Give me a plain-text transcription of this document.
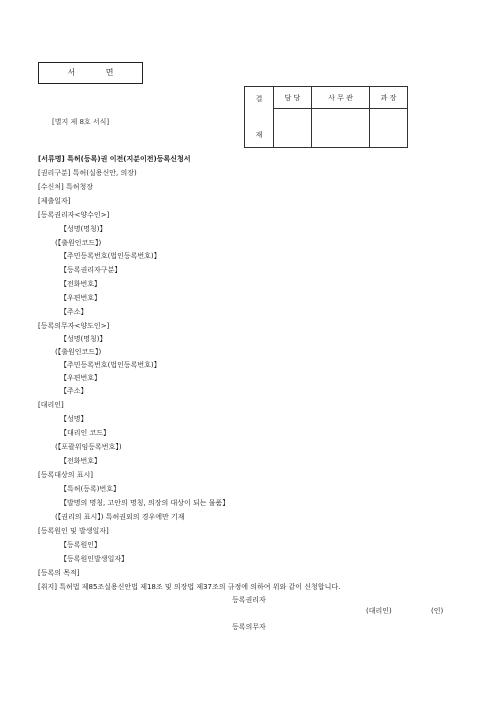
서 면
[별지 제 8호 서식]
결

재	담 당	사 무 관	과 장

[서류명] 특허(등록)권 이전(지분이전)등록신청서
[권리구분] 특허(실용신안, 의장)
[수신처] 특허청장
[제출일자]
[등록권리자<양수인>]
【성명(명칭)】
(【출원인코드】)
【주민등록번호(법인등록번호)】
【등록권리자구분】
【전화번호】
【우편번호】
【주소】
[등록의무자<양도인>]
【성명(명칭)】
(【출원인코드】)
【주민등록번호(법인등록번호)】
【우편번호】
【주소】
[대리인]
【성명】
【대리인 코드】
(【포괄위임등록번호】)
【전화번호】
[등록대상의 표시]
【특허(등록)번호】
【발명의 명칭, 고안의 명칭, 의장의 대상이 되는 물품】
(【권리의 표시】) 특허권외의 경우에만 기재
[등록원인 및 발생일자]
【등록원인】
【등록원인발생일자】
[등록의 목적]
[취지] 특허법 제85조실용신안법 제18조 및 의장법 제37조의 규정에 의하여 위와 같이 신청합니다.
등록권리자
(대리인)	(인)
등록의무자
